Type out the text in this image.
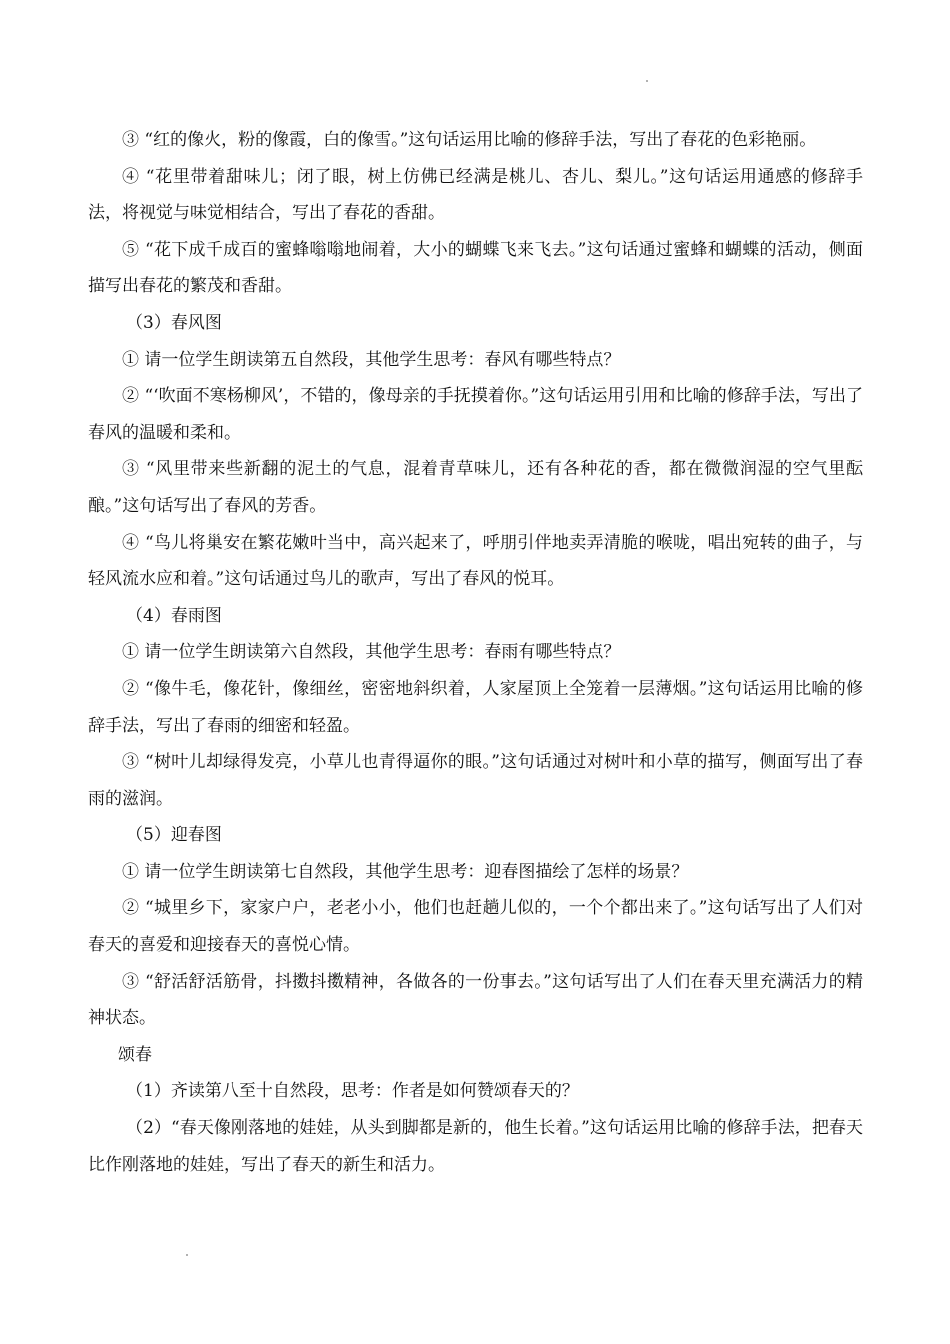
③ “红的像火，粉的像霞，白的像雪。”这句话运用比喻的修辞手法，写出了春花的色彩艳丽。

④ “花里带着甜味儿；闭了眼，树上仿佛已经满是桃儿、杏儿、梨儿。”这句话运用通感的修辞手法，将视觉与味觉相结合，写出了春花的香甜。

⑤ “花下成千成百的蜜蜂嗡嗡地闹着，大小的蝴蝶飞来飞去。”这句话通过蜜蜂和蝴蝶的活动，侧面描写出春花的繁茂和香甜。

（3）春风图

① 请一位学生朗读第五自然段，其他学生思考：春风有哪些特点？

② “‘吹面不寒杨柳风’，不错的，像母亲的手抚摸着你。”这句话运用引用和比喻的修辞手法，写出了春风的温暖和柔和。

③ “风里带来些新翻的泥土的气息，混着青草味儿，还有各种花的香，都在微微润湿的空气里酝酿。”这句话写出了春风的芳香。

④ “鸟儿将巢安在繁花嫩叶当中，高兴起来了，呼朋引伴地卖弄清脆的喉咙，唱出宛转的曲子，与轻风流水应和着。”这句话通过鸟儿的歌声，写出了春风的悦耳。

（4）春雨图

① 请一位学生朗读第六自然段，其他学生思考：春雨有哪些特点？

② “像牛毛，像花针，像细丝，密密地斜织着，人家屋顶上全笼着一层薄烟。”这句话运用比喻的修辞手法，写出了春雨的细密和轻盈。

③ “树叶儿却绿得发亮，小草儿也青得逼你的眼。”这句话通过对树叶和小草的描写，侧面写出了春雨的滋润。

（5）迎春图

① 请一位学生朗读第七自然段，其他学生思考：迎春图描绘了怎样的场景？

② “城里乡下，家家户户，老老小小，他们也赶趟儿似的，一个个都出来了。”这句话写出了人们对春天的喜爱和迎接春天的喜悦心情。

③ “舒活舒活筋骨，抖擞抖擞精神，各做各的一份事去。”这句话写出了人们在春天里充满活力的精神状态。

颂春

（1）齐读第八至十自然段，思考：作者是如何赞颂春天的？

（2）“春天像刚落地的娃娃，从头到脚都是新的，他生长着。”这句话运用比喻的修辞手法，把春天比作刚落地的娃娃，写出了春天的新生和活力。
